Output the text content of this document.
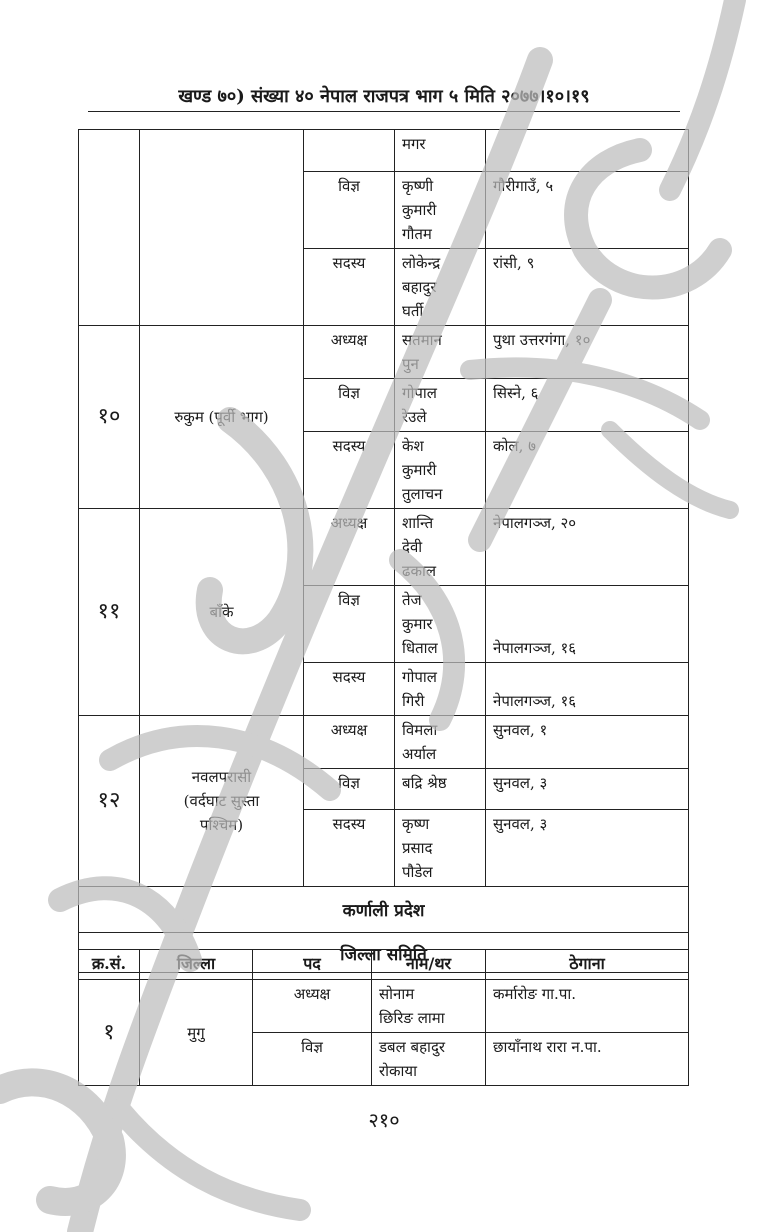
खण्ड ७०) संख्या ४० नेपाल राजपत्र भाग ५ मिति २०७७।१०।१९
			मगर	
		विज्ञ	कृष्णी
कुमारी
गौतम	गौरीगाउँ, ५
		सदस्य	लोकेन्द्र
बहादुर
घर्ती	रांसी, ९
१०	रुकुम (पूर्वी भाग)	अध्यक्ष	सतमान
पुन	पुथा उत्तरगंगा, १०
		विज्ञ	गोपाल
रेउले	सिस्ने, ६
		सदस्य	केश
कुमारी
तुलाचन	कोल, ७
११	बाँके	अध्यक्ष	शान्ति
देवी
ढकाल	नेपालगञ्ज, २०
		विज्ञ	तेज
कुमार
धिताल	नेपालगञ्ज, १६
		सदस्य	गोपाल
गिरी	नेपालगञ्ज, १६
१२	नवलपरासी
(वर्दघाट सुस्ता
पश्चिम)	अध्यक्ष	विमला
अर्याल	सुनवल, १
		विज्ञ	बद्रि श्रेष्ठ	सुनवल, ३
		सदस्य	कृष्ण
प्रसाद
पौडेल	सुनवल, ३
कर्णाली प्रदेश				
जिल्ला समिति				
क्र.सं.	जिल्ला	पद	नाम/थर	ठेगाना
१	मुगु	अध्यक्ष	सोनाम
छिरिङ लामा	कर्मारोङ गा.पा.
		विज्ञ	डबल बहादुर
रोकाया	छायाँनाथ रारा न.पा.
२१०
